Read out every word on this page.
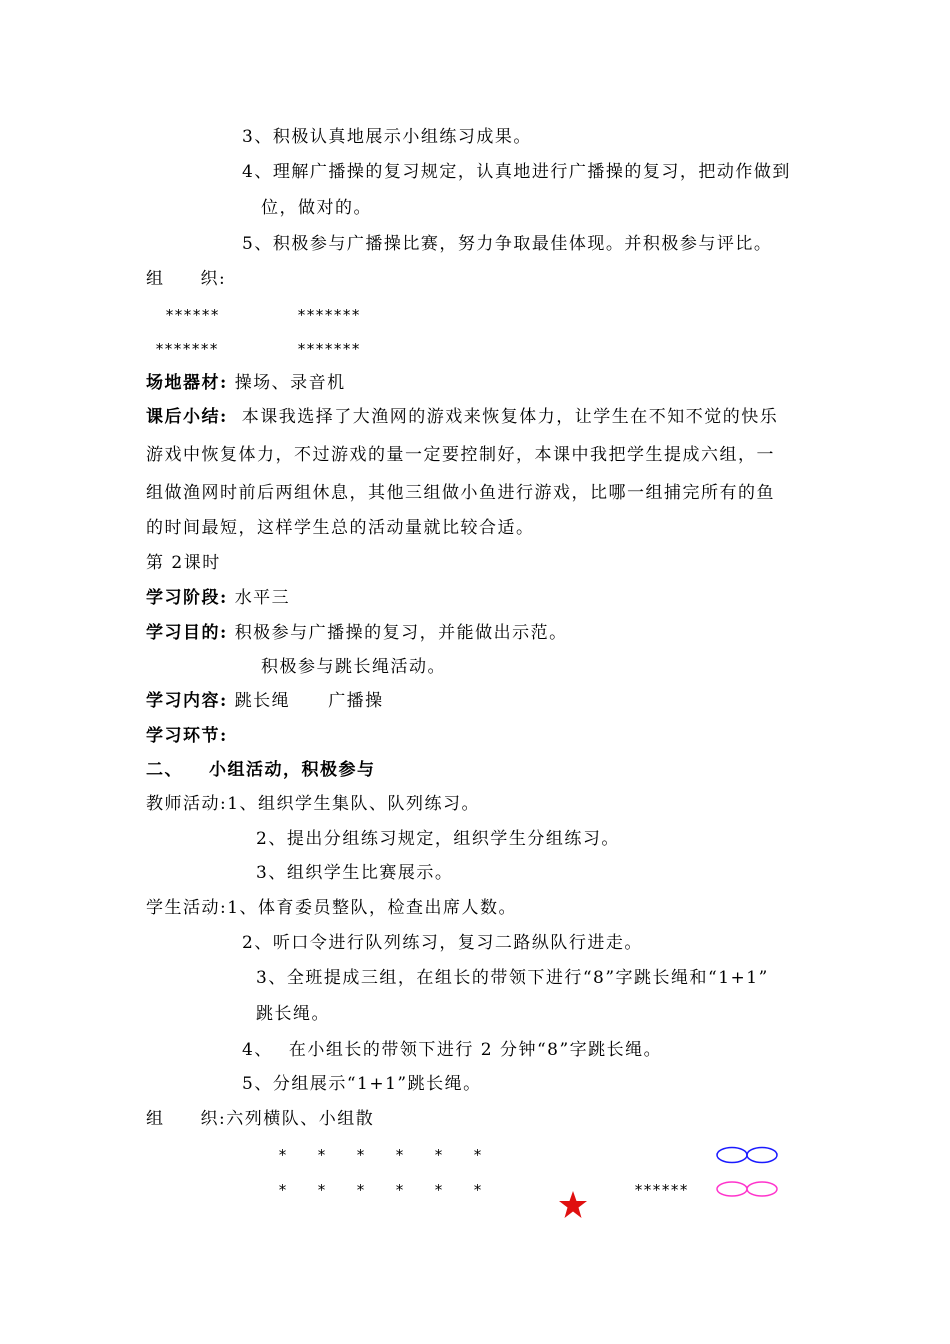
3、积极认真地展示小组练习成果。
4、理解广播操的复习规定，认真地进行广播操的复习，把动作做到
位，做对的。
5、积极参与广播操比赛，努力争取最佳体现。并积极参与评比。
组 织:
******	*******
*******	*******
场地器材: 操场、录音机
课后小结: 本课我选择了大渔网的游戏来恢复体力，让学生在不知不觉的快乐
游戏中恢复体力，不过游戏的量一定要控制好，本课中我把学生提成六组，一
组做渔网时前后两组休息，其他三组做小鱼进行游戏，比哪一组捕完所有的鱼
的时间最短，这样学生总的活动量就比较合适。
第 2课时
学习阶段: 水平三
学习目的: 积极参与广播操的复习，并能做出示范。
积极参与跳长绳活动。
学习内容: 跳长绳 广播操
学习环节:
二、 小组活动，积极参与
教师活动:1、组织学生集队、队列练习。
2、提出分组练习规定，组织学生分组练习。
3、组织学生比赛展示。
学生活动:1、体育委员整队，检查出席人数。
2、听口令进行队列练习，复习二路纵队行进走。
3、全班提成三组，在组长的带领下进行“8”字跳长绳和“1+1”
跳长绳。
4、 在小组长的带领下进行 2 分钟“8”字跳长绳。
5、分组展示“1+1”跳长绳。
组 织:六列横队、小组散
* * * * * *
* * * * * *	******
